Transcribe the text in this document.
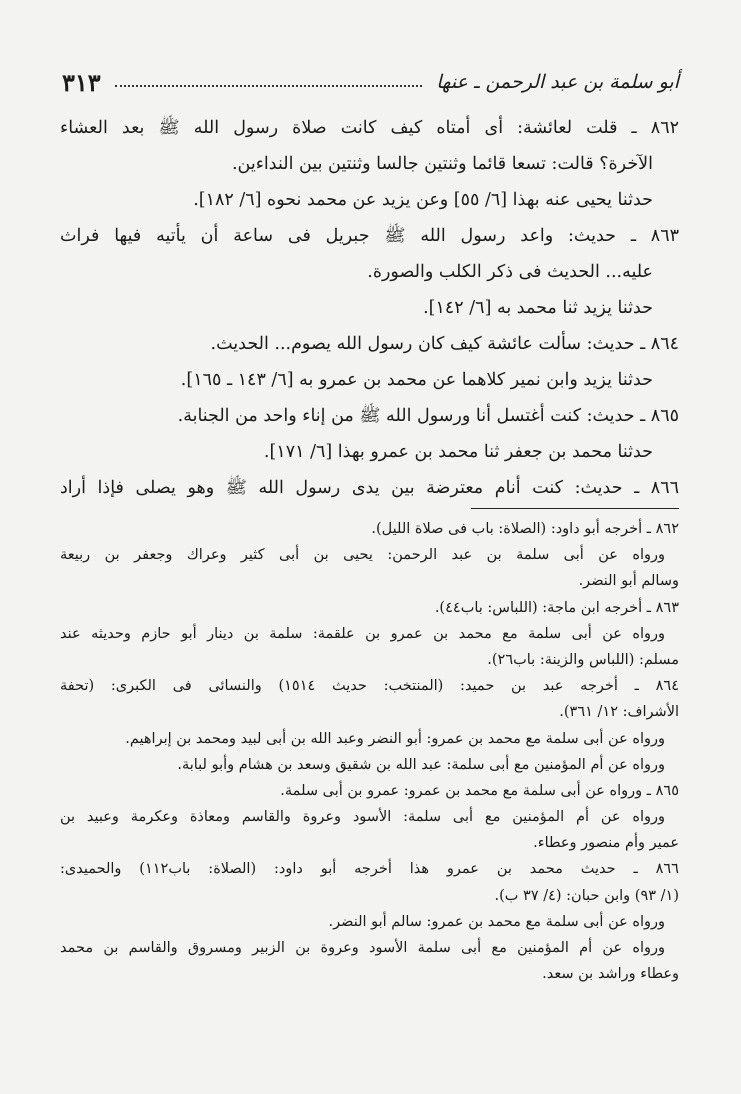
أبو سلمة بن عبد الرحمن ـ عنها
٣١٣
٨٦٢ ـ قلت لعائشة: أى أمتاه كيف كانت صلاة رسول الله ﷺ بعد العشاء
الآخرة؟ قالت: تسعا قائما وثنتين جالسا وثنتين بين النداءين.
حدثنا يحيى عنه بهذا [٦/ ٥٥] وعن يزيد عن محمد نحوه [٦/ ١٨٢].
٨٦٣ ـ حديث: واعد رسول الله ﷺ جبريل فى ساعة أن يأتيه فيها فراث
عليه... الحديث فى ذكر الكلب والصورة.
حدثنا يزيد ثنا محمد به [٦/ ١٤٢].
٨٦٤ ـ حديث: سألت عائشة كيف كان رسول الله يصوم... الحديث.
حدثنا يزيد وابن نمير كلاهما عن محمد بن عمرو به [٦/ ١٤٣ ـ ١٦٥].
٨٦٥ ـ حديث: كنت أغتسل أنا ورسول الله ﷺ من إناء واحد من الجنابة.
حدثنا محمد بن جعفر ثنا محمد بن عمرو بهذا [٦/ ١٧١].
٨٦٦ ـ حديث: كنت أنام معترضة بين يدى رسول الله ﷺ وهو يصلى فإذا أراد
٨٦٢ ـ أخرجه أبو داود: (الصلاة: باب فى صلاة الليل).
ورواه عن أبى سلمة بن عبد الرحمن: يحيى بن أبى كثير وعراك وجعفر بن ربيعة
وسالم أبو النضر.
٨٦٣ ـ أخرجه ابن ماجة: (اللباس: باب٤٤).
ورواه عن أبى سلمة مع محمد بن عمرو بن علقمة: سلمة بن دينار أبو حازم وحديثه عند
مسلم: (اللباس والزينة: باب٢٦).
٨٦٤ ـ أخرجه عبد بن حميد: (المنتخب: حديث ١٥١٤) والنسائى فى الكبرى: (تحفة
الأشراف: ١٢/ ٣٦١).
ورواه عن أبى سلمة مع محمد بن عمرو: أبو النضر وعبد الله بن أبى لبيد ومحمد بن إبراهيم.
ورواه عن أم المؤمنين مع أبى سلمة: عبد الله بن شقيق وسعد بن هشام وأبو لبابة.
٨٦٥ ـ ورواه عن أبى سلمة مع محمد بن عمرو: عمرو بن أبى سلمة.
ورواه عن أم المؤمنين مع أبى سلمة: الأسود وعروة والقاسم ومعاذة وعكرمة وعبيد بن
عمير وأم منصور وعطاء.
٨٦٦ ـ حديث محمد بن عمرو هذا أخرجه أبو داود: (الصلاة: باب١١٢) والحميدى:
(١/ ٩٣) وابن حبان: (٤/ ٣٧ ب).
ورواه عن أبى سلمة مع محمد بن عمرو: سالم أبو النضر.
ورواه عن أم المؤمنين مع أبى سلمة الأسود وعروة بن الزبير ومسروق والقاسم بن محمد
وعطاء وراشد بن سعد.
